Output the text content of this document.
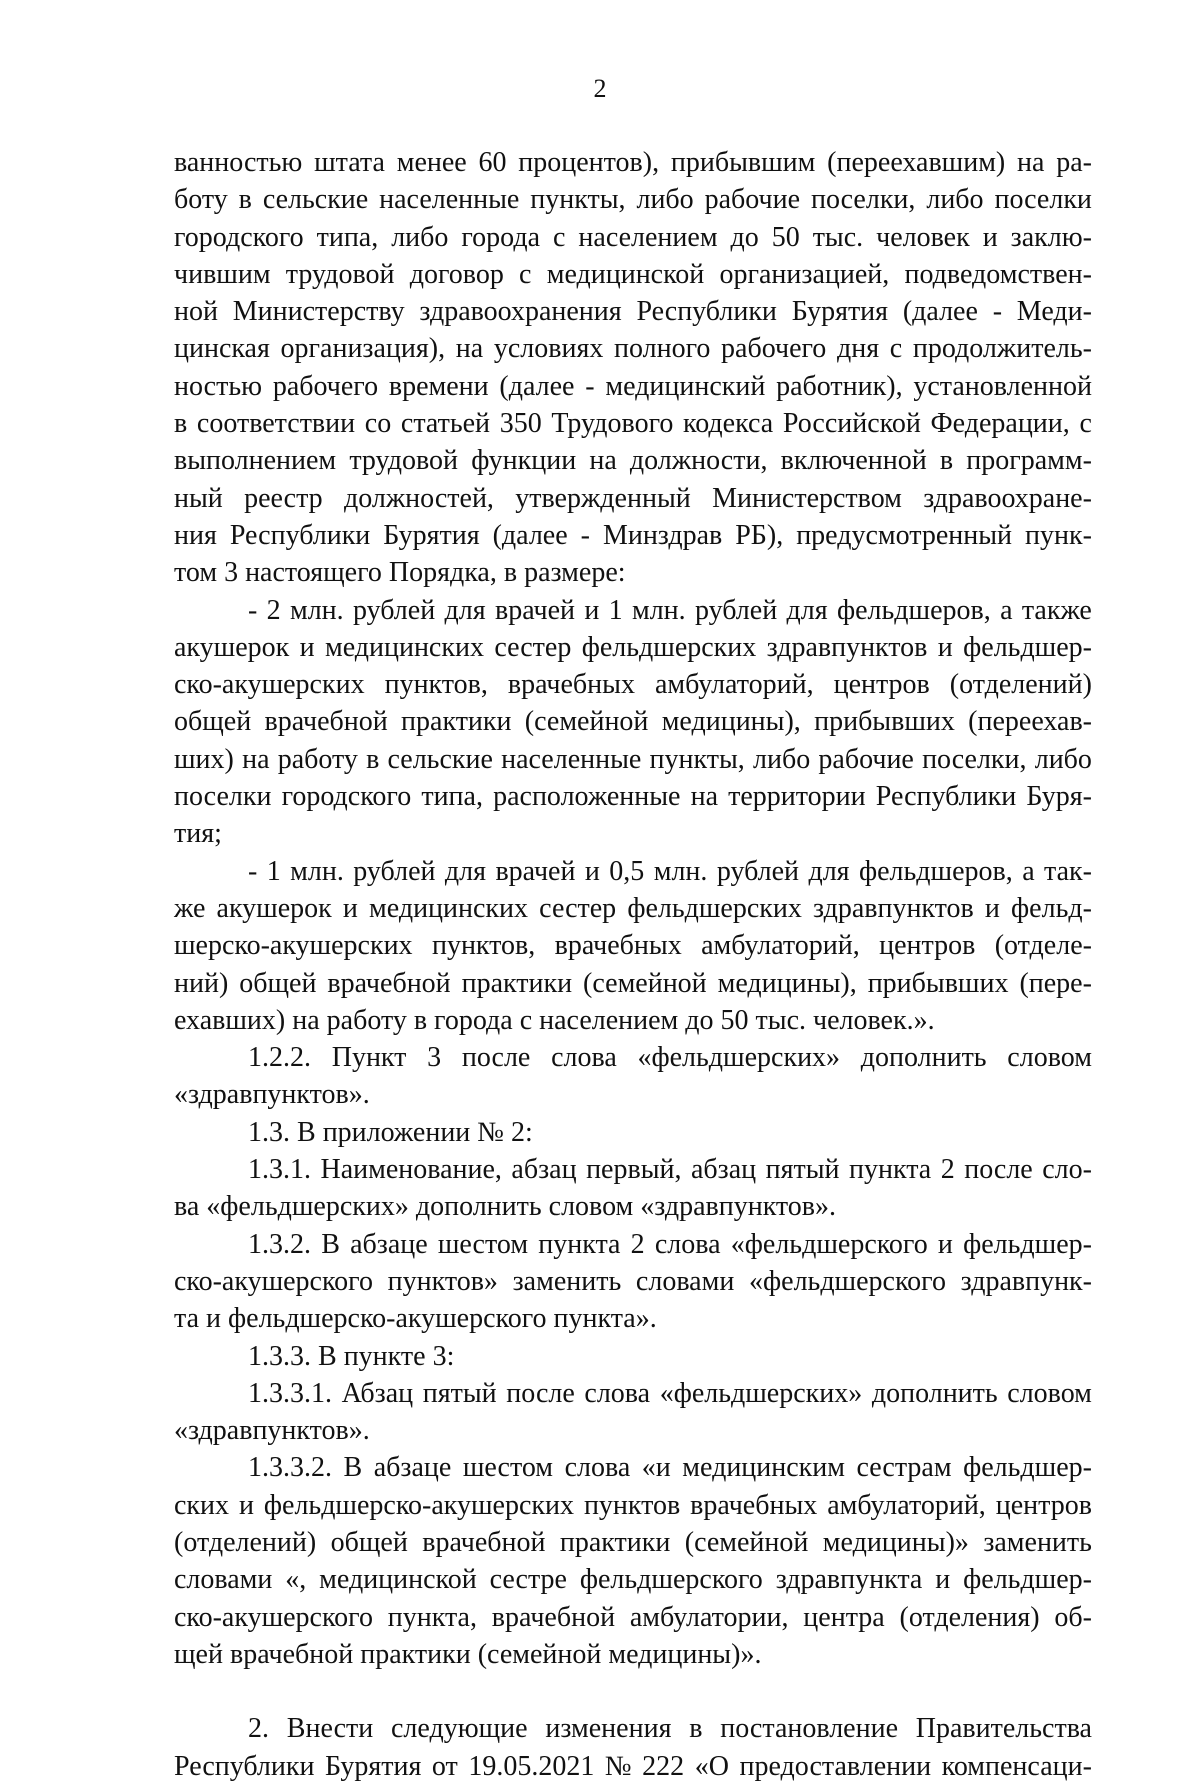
2
ванностью штата менее 60 процентов), прибывшим (переехавшим) на ра-
боту в сельские населенные пункты, либо рабочие поселки, либо поселки
городского типа, либо города с населением до 50 тыс. человек и заклю-
чившим трудовой договор с медицинской организацией, подведомствен-
ной Министерству здравоохранения Республики Бурятия (далее - Меди-
цинская организация), на условиях полного рабочего дня с продолжитель-
ностью рабочего времени (далее - медицинский работник), установленной
в соответствии со статьей 350 Трудового кодекса Российской Федерации, с
выполнением трудовой функции на должности, включенной в программ-
ный реестр должностей, утвержденный Министерством здравоохране-
ния Республики Бурятия (далее - Минздрав РБ), предусмотренный пунк-
том 3 настоящего Порядка, в размере:
- 2 млн. рублей для врачей и 1 млн. рублей для фельдшеров, а также
акушерок и медицинских сестер фельдшерских здравпунктов и фельдшер-
ско-акушерских пунктов, врачебных амбулаторий, центров (отделений)
общей врачебной практики (семейной медицины), прибывших (переехав-
ших) на работу в сельские населенные пункты, либо рабочие поселки, либо
поселки городского типа, расположенные на территории Республики Буря-
тия;
- 1 млн. рублей для врачей и 0,5 млн. рублей для фельдшеров, а так-
же акушерок и медицинских сестер фельдшерских здравпунктов и фельд-
шерско-акушерских пунктов, врачебных амбулаторий, центров (отделе-
ний) общей врачебной практики (семейной медицины), прибывших (пере-
ехавших) на работу в города с населением до 50 тыс. человек.».
1.2.2. Пункт 3 после слова «фельдшерских» дополнить словом
«здравпунктов».
1.3. В приложении № 2:
1.3.1. Наименование, абзац первый, абзац пятый пункта 2 после сло-
ва «фельдшерских» дополнить словом «здравпунктов».
1.3.2. В абзаце шестом пункта 2 слова «фельдшерского и фельдшер-
ско-акушерского пунктов» заменить словами «фельдшерского здравпунк-
та и фельдшерско-акушерского пункта».
1.3.3. В пункте 3:
1.3.3.1. Абзац пятый после слова «фельдшерских» дополнить словом
«здравпунктов».
1.3.3.2. В абзаце шестом слова «и медицинским сестрам фельдшер-
ских и фельдшерско-акушерских пунктов врачебных амбулаторий, центров
(отделений) общей врачебной практики (семейной медицины)» заменить
словами «, медицинской сестре фельдшерского здравпункта и фельдшер-
ско-акушерского пункта, врачебной амбулатории, центра (отделения) об-
щей врачебной практики (семейной медицины)».
2. Внести следующие изменения в постановление Правительства
Республики Бурятия от 19.05.2021 № 222 «О предоставлении компенсаци-
